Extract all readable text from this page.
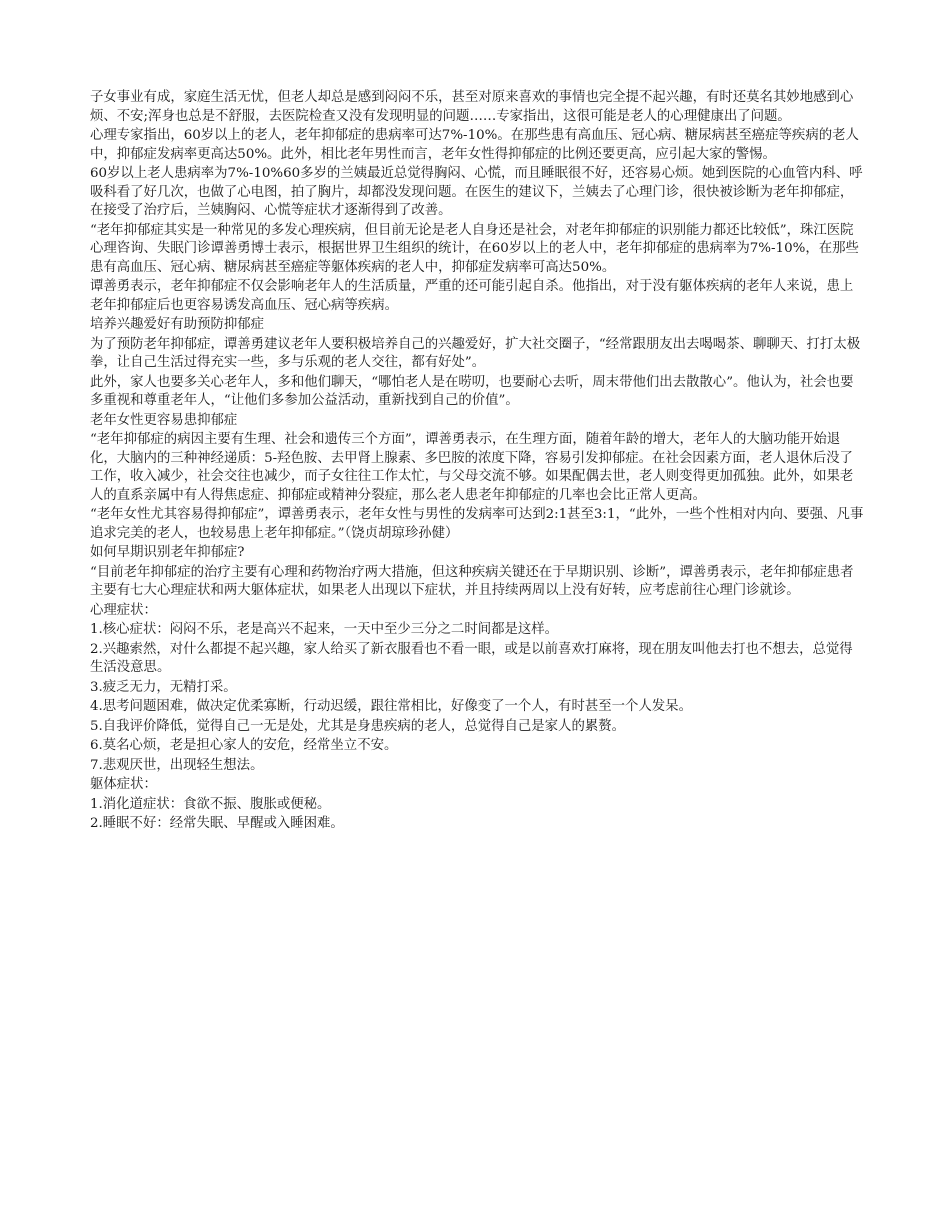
子女事业有成，家庭生活无忧，但老人却总是感到闷闷不乐，甚至对原来喜欢的事情也完全提不起兴趣，有时还莫名其妙地感到心烦、不安;浑身也总是不舒服，去医院检查又没有发现明显的问题……专家指出，这很可能是老人的心理健康出了问题。

心理专家指出，60岁以上的老人，老年抑郁症的患病率可达7%-10%。在那些患有高血压、冠心病、糖尿病甚至癌症等疾病的老人中，抑郁症发病率更高达50%。此外，相比老年男性而言，老年女性得抑郁症的比例还要更高，应引起大家的警惕。

60岁以上老人患病率为7%-10%60多岁的兰姨最近总觉得胸闷、心慌，而且睡眠很不好，还容易心烦。她到医院的心血管内科、呼吸科看了好几次，也做了心电图，拍了胸片，却都没发现问题。在医生的建议下，兰姨去了心理门诊，很快被诊断为老年抑郁症，在接受了治疗后，兰姨胸闷、心慌等症状才逐渐得到了改善。

“老年抑郁症其实是一种常见的多发心理疾病，但目前无论是老人自身还是社会，对老年抑郁症的识别能力都还比较低”，珠江医院心理咨询、失眠门诊谭善勇博士表示，根据世界卫生组织的统计，在60岁以上的老人中，老年抑郁症的患病率为7%-10%，在那些患有高血压、冠心病、糖尿病甚至癌症等躯体疾病的老人中，抑郁症发病率可高达50%。

谭善勇表示，老年抑郁症不仅会影响老年人的生活质量，严重的还可能引起自杀。他指出，对于没有躯体疾病的老年人来说，患上老年抑郁症后也更容易诱发高血压、冠心病等疾病。

培养兴趣爱好有助预防抑郁症

为了预防老年抑郁症，谭善勇建议老年人要积极培养自己的兴趣爱好，扩大社交圈子，“经常跟朋友出去喝喝茶、聊聊天、打打太极拳，让自己生活过得充实一些，多与乐观的老人交往，都有好处”。

此外，家人也要多关心老年人，多和他们聊天，“哪怕老人是在唠叨，也要耐心去听，周末带他们出去散散心”。他认为，社会也要多重视和尊重老年人，“让他们多参加公益活动，重新找到自己的价值”。

老年女性更容易患抑郁症

“老年抑郁症的病因主要有生理、社会和遗传三个方面”，谭善勇表示，在生理方面，随着年龄的增大，老年人的大脑功能开始退化，大脑内的三种神经递质：5-羟色胺、去甲肾上腺素、多巴胺的浓度下降，容易引发抑郁症。在社会因素方面，老人退休后没了工作，收入减少，社会交往也减少，而子女往往工作太忙，与父母交流不够。如果配偶去世，老人则变得更加孤独。此外，如果老人的直系亲属中有人得焦虑症、抑郁症或精神分裂症，那么老人患老年抑郁症的几率也会比正常人更高。

“老年女性尤其容易得抑郁症”，谭善勇表示，老年女性与男性的发病率可达到2:1甚至3:1，“此外，一些个性相对内向、要强、凡事追求完美的老人，也较易患上老年抑郁症。”（饶贞胡琼珍孙健）

如何早期识别老年抑郁症?

“目前老年抑郁症的治疗主要有心理和药物治疗两大措施，但这种疾病关键还在于早期识别、诊断”，谭善勇表示，老年抑郁症患者主要有七大心理症状和两大躯体症状，如果老人出现以下症状，并且持续两周以上没有好转，应考虑前往心理门诊就诊。

心理症状：

1.核心症状：闷闷不乐，老是高兴不起来，一天中至少三分之二时间都是这样。

2.兴趣索然，对什么都提不起兴趣，家人给买了新衣服看也不看一眼，或是以前喜欢打麻将，现在朋友叫他去打也不想去，总觉得生活没意思。

3.疲乏无力，无精打采。

4.思考问题困难，做决定优柔寡断，行动迟缓，跟往常相比，好像变了一个人，有时甚至一个人发呆。

5.自我评价降低，觉得自己一无是处，尤其是身患疾病的老人，总觉得自己是家人的累赘。

6.莫名心烦，老是担心家人的安危，经常坐立不安。

7.悲观厌世，出现轻生想法。

躯体症状：

1.消化道症状：食欲不振、腹胀或便秘。

2.睡眠不好：经常失眠、早醒或入睡困难。
